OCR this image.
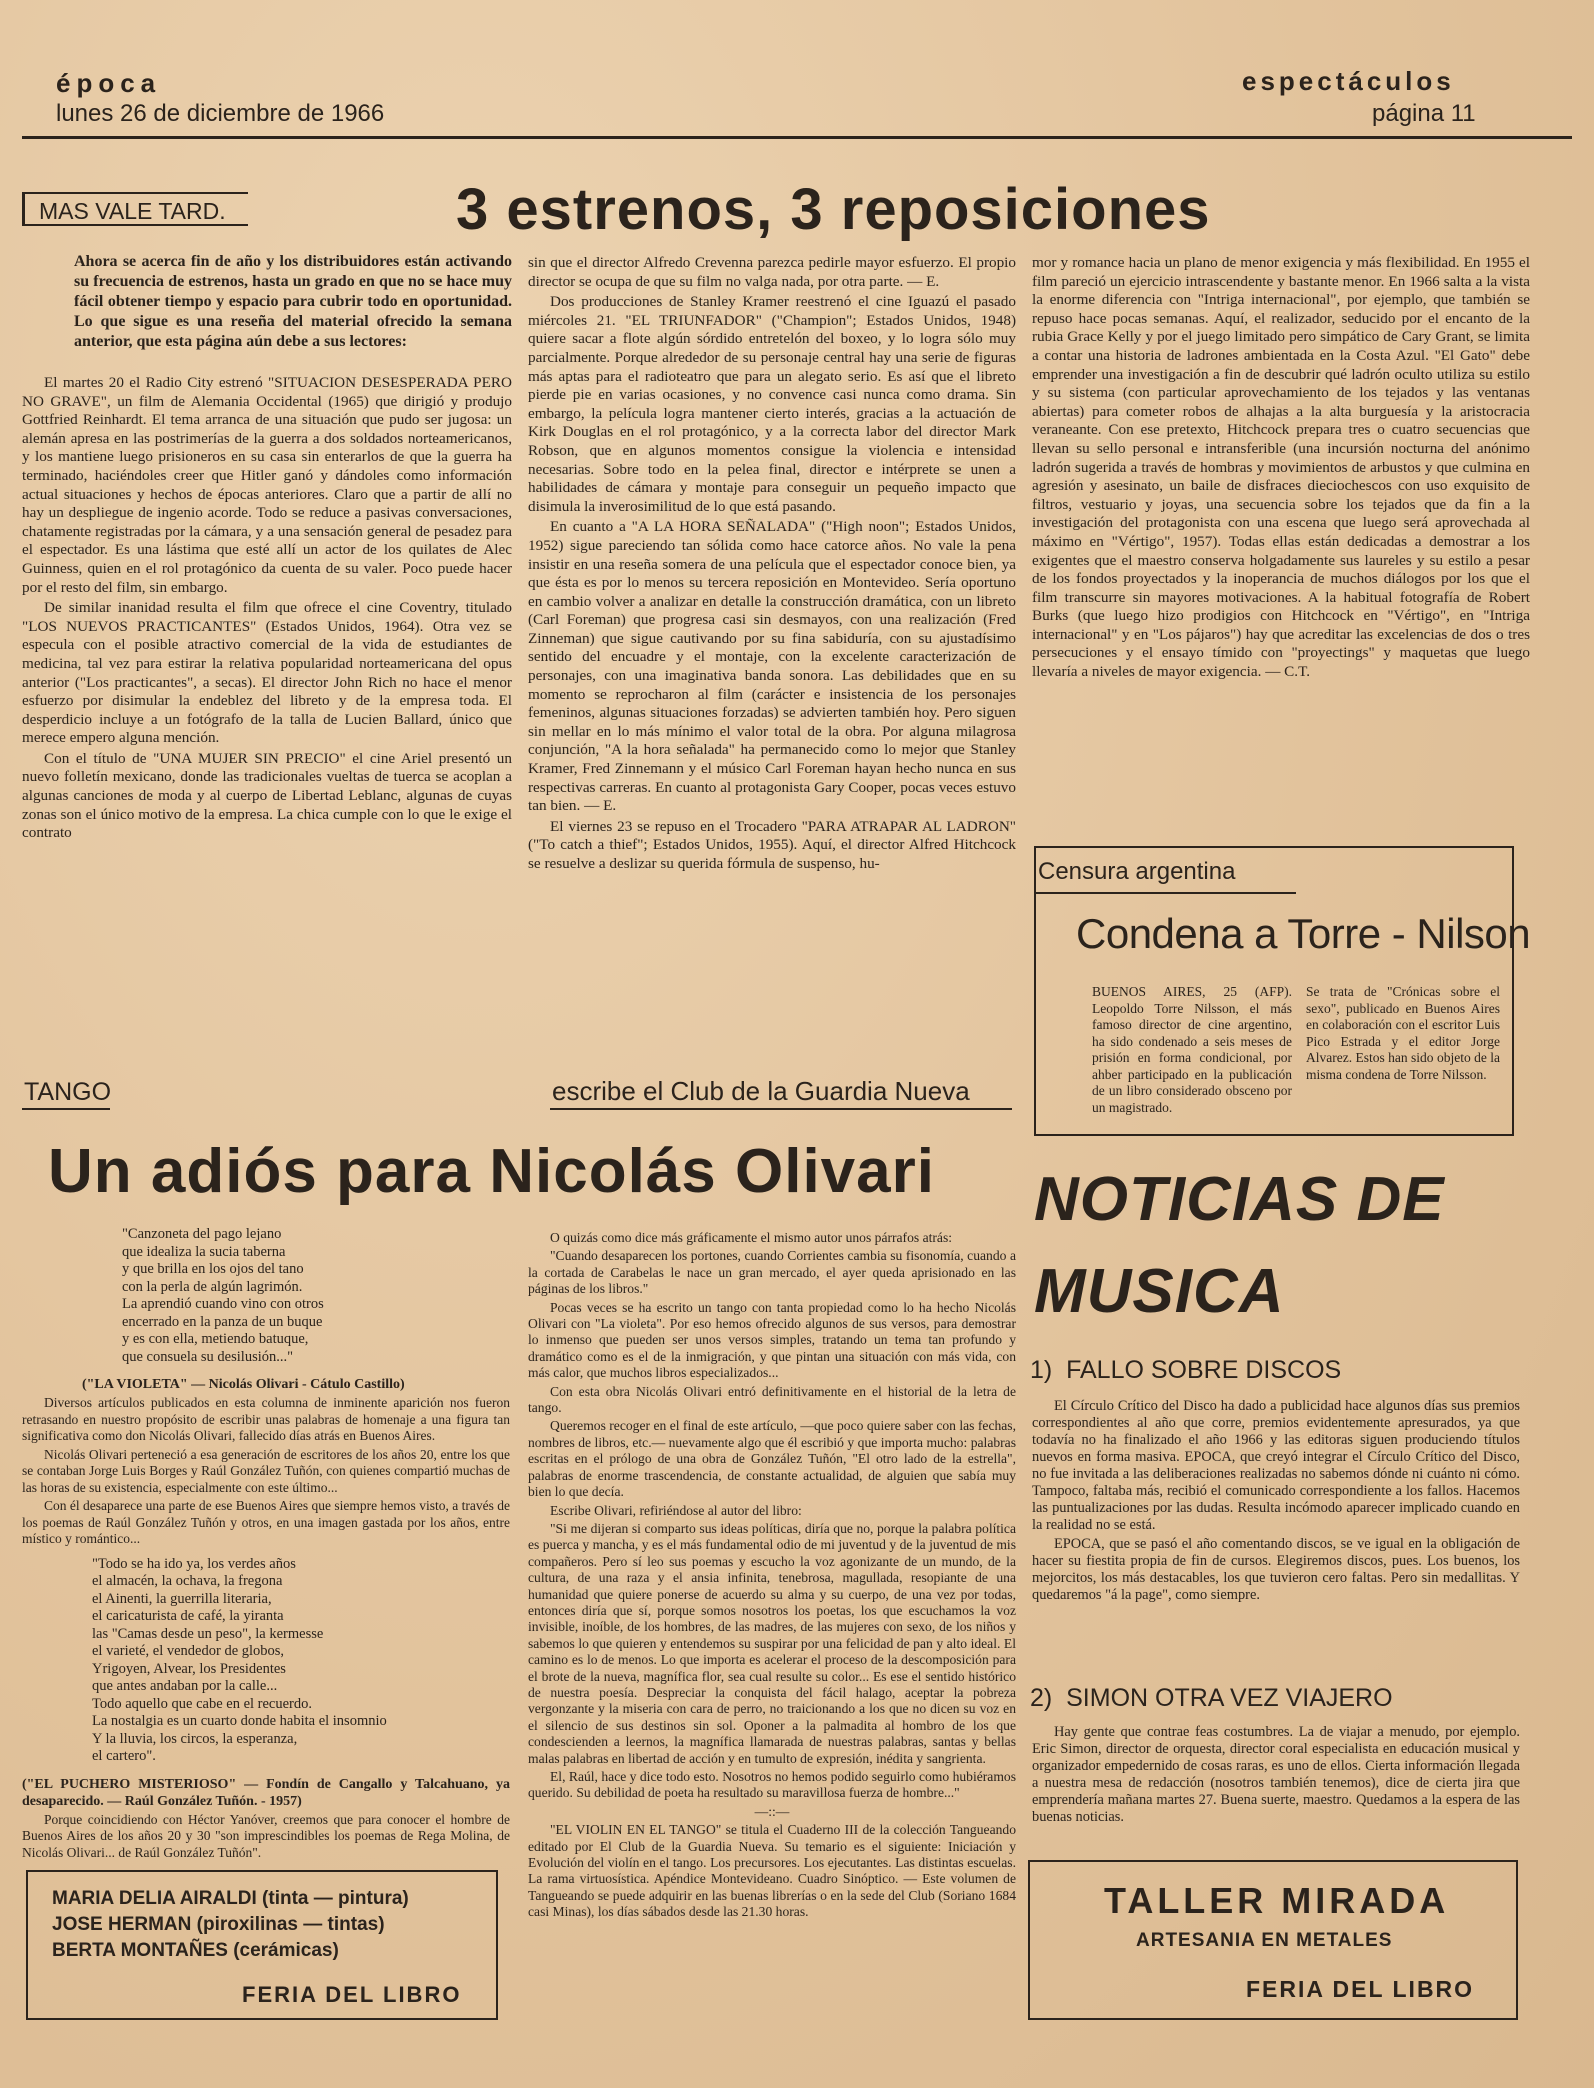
época
lunes 26 de diciembre de 1966
espectáculos
página 11
MAS VALE TARD.	3 estrenos, 3 reposiciones
Ahora se acerca fin de año y los distribuidores están activando su frecuencia de estrenos, hasta un grado en que no se hace muy fácil obtener tiempo y espacio para cubrir todo en oportunidad. Lo que sigue es una reseña del material ofrecido la semana anterior, que esta página aún debe a sus lectores:

El martes 20 el Radio City estrenó "SITUACION DESESPERADA PERO NO GRAVE", un film de Alemania Occidental (1965) que dirigió y produjo Gottfried Reinhardt. El tema arranca de una situación que pudo ser jugosa: un alemán apresa en las postrimerías de la guerra a dos soldados norteamericanos, y los mantiene luego prisioneros en su casa sin enterarlos de que la guerra ha terminado, haciéndoles creer que Hitler ganó y dándoles como información actual situaciones y hechos de épocas anteriores. Claro que a partir de allí no hay un despliegue de ingenio acorde. Todo se reduce a pasivas conversaciones, chatamente registradas por la cámara, y a una sensación general de pesadez para el espectador. Es una lástima que esté allí un actor de los quilates de Alec Guinness, quien en el rol protagónico da cuenta de su valer. Poco puede hacer por el resto del film, sin embargo.

De similar inanidad resulta el film que ofrece el cine Coventry, titulado "LOS NUEVOS PRACTICANTES" (Estados Unidos, 1964). Otra vez se especula con el posible atractivo comercial de la vida de estudiantes de medicina, tal vez para estirar la relativa popularidad norteamericana del opus anterior ("Los practicantes", a secas). El director John Rich no hace el menor esfuerzo por disimular la endeblez del libreto y de la empresa toda. El desperdicio incluye a un fotógrafo de la talla de Lucien Ballard, único que merece empero alguna mención.

Con el título de "UNA MUJER SIN PRECIO" el cine Ariel presentó un nuevo folletín mexicano, donde las tradicionales vueltas de tuerca se acoplan a algunas canciones de moda y al cuerpo de Libertad Leblanc, algunas de cuyas zonas son el único motivo de la empresa. La chica cumple con lo que le exige el contrato

sin que el director Alfredo Crevenna parezca pedirle mayor esfuerzo. El propio director se ocupa de que su film no valga nada, por otra parte. — E.

Dos producciones de Stanley Kramer reestrenó el cine Iguazú el pasado miércoles 21. "EL TRIUNFADOR" ("Champion"; Estados Unidos, 1948) quiere sacar a flote algún sórdido entretelón del boxeo, y lo logra sólo muy parcialmente. Porque alrededor de su personaje central hay una serie de figuras más aptas para el radioteatro que para un alegato serio. Es así que el libreto pierde pie en varias ocasiones, y no convence casi nunca como drama. Sin embargo, la película logra mantener cierto interés, gracias a la actuación de Kirk Douglas en el rol protagónico, y a la correcta labor del director Mark Robson, que en algunos momentos consigue la violencia e intensidad necesarias. Sobre todo en la pelea final, director e intérprete se unen a habilidades de cámara y montaje para conseguir un pequeño impacto que disimula la inverosimilitud de lo que está pasando.

En cuanto a "A LA HORA SEÑALADA" ("High noon"; Estados Unidos, 1952) sigue pareciendo tan sólida como hace catorce años. No vale la pena insistir en una reseña somera de una película que el espectador conoce bien, ya que ésta es por lo menos su tercera reposición en Montevideo. Sería oportuno en cambio volver a analizar en detalle la construcción dramática, con un libreto (Carl Foreman) que progresa casi sin desmayos, con una realización (Fred Zinneman) que sigue cautivando por su fina sabiduría, con su ajustadísimo sentido del encuadre y el montaje, con la excelente caracterización de personajes, con una imaginativa banda sonora. Las debilidades que en su momento se reprocharon al film (carácter e insistencia de los personajes femeninos, algunas situaciones forzadas) se advierten también hoy. Pero siguen sin mellar en lo más mínimo el valor total de la obra. Por alguna milagrosa conjunción, "A la hora señalada" ha permanecido como lo mejor que Stanley Kramer, Fred Zinnemann y el músico Carl Foreman hayan hecho nunca en sus respectivas carreras. En cuanto al protagonista Gary Cooper, pocas veces estuvo tan bien. — E.

El viernes 23 se repuso en el Trocadero "PARA ATRAPAR AL LADRON" ("To catch a thief"; Estados Unidos, 1955). Aquí, el director Alfred Hitchcock se resuelve a deslizar su querida fórmula de suspenso, hu-

mor y romance hacia un plano de menor exigencia y más flexibilidad. En 1955 el film pareció un ejercicio intrascendente y bastante menor. En 1966 salta a la vista la enorme diferencia con "Intriga internacional", por ejemplo, que también se repuso hace pocas semanas. Aquí, el realizador, seducido por el encanto de la rubia Grace Kelly y por el juego limitado pero simpático de Cary Grant, se limita a contar una historia de ladrones ambientada en la Costa Azul. "El Gato" debe emprender una investigación a fin de descubrir qué ladrón oculto utiliza su estilo y su sistema (con particular aprovechamiento de los tejados y las ventanas abiertas) para cometer robos de alhajas a la alta burguesía y la aristocracia veraneante. Con ese pretexto, Hitchcock prepara tres o cuatro secuencias que llevan su sello personal e intransferible (una incursión nocturna del anónimo ladrón sugerida a través de hombras y movimientos de arbustos y que culmina en agresión y asesinato, un baile de disfraces dieciochescos con uso exquisito de filtros, vestuario y joyas, una secuencia sobre los tejados que da fin a la investigación del protagonista con una escena que luego será aprovechada al máximo en "Vértigo", 1957). Todas ellas están dedicadas a demostrar a los exigentes que el maestro conserva holgadamente sus laureles y su estilo a pesar de los fondos proyectados y la inoperancia de muchos diálogos por los que el film transcurre sin mayores motivaciones. A la habitual fotografía de Robert Burks (que luego hizo prodigios con Hitchcock en "Vértigo", en "Intriga internacional" y en "Los pájaros") hay que acreditar las excelencias de dos o tres persecuciones y el ensayo tímido con "proyectings" y maquetas que luego llevaría a niveles de mayor exigencia. — C.T.

Censura argentina
Condena a Torre - Nilson
BUENOS AIRES, 25 (AFP). Leopoldo Torre Nilsson, el más famoso director de cine argentino, ha sido condenado a seis meses de prisión en forma condicional, por ahber participado en la publicación de un libro considerado obsceno por un magistrado.
Se trata de "Crónicas sobre el sexo", publicado en Buenos Aires en colaboración con el escritor Luis Pico Estrada y el editor Jorge Alvarez. Estos han sido objeto de la misma condena de Torre Nilsson.
TANGO	escribe el Club de la Guardia Nueva
Un adiós para Nicolás Olivari
"Canzoneta del pago lejano
que idealiza la sucia taberna
y que brilla en los ojos del tano
con la perla de algún lagrimón.
La aprendió cuando vino con otros
encerrado en la panza de un buque
y es con ella, metiendo batuque,
que consuela su desilusión..."

("LA VIOLETA" — Nicolás Olivari - Cátulo Castillo)

Diversos artículos publicados en esta columna de inminente aparición nos fueron retrasando en nuestro propósito de escribir unas palabras de homenaje a una figura tan significativa como don Nicolás Olivari, fallecido días atrás en Buenos Aires.

Nicolás Olivari perteneció a esa generación de escritores de los años 20, entre los que se contaban Jorge Luis Borges y Raúl González Tuñón, con quienes compartió muchas de las horas de su existencia, especialmente con este último...

Con él desaparece una parte de ese Buenos Aires que siempre hemos visto, a través de los poemas de Raúl González Tuñón y otros, en una imagen gastada por los años, entre místico y romántico...

"Todo se ha ido ya, los verdes años
el almacén, la ochava, la fregona
el Ainenti, la guerrilla literaria,
el caricaturista de café, la yiranta
las "Camas desde un peso", la kermesse
el varieté, el vendedor de globos,
Yrigoyen, Alvear, los Presidentes
que antes andaban por la calle...
Todo aquello que cabe en el recuerdo.
La nostalgia es un cuarto donde habita el insomnio
Y la lluvia, los circos, la esperanza,
el cartero".

("EL PUCHERO MISTERIOSO" — Fondín de Cangallo y Talcahuano, ya desaparecido. — Raúl González Tuñón. - 1957)

Porque coincidiendo con Héctor Yanóver, creemos que para conocer el hombre de Buenos Aires de los años 20 y 30 "son imprescindibles los poemas de Rega Molina, de Nicolás Olivari... de Raúl González Tuñón".

O quizás como dice más gráficamente el mismo autor unos párrafos atrás:

"Cuando desaparecen los portones, cuando Corrientes cambia su fisonomía, cuando a la cortada de Carabelas le nace un gran mercado, el ayer queda aprisionado en las páginas de los libros."

Pocas veces se ha escrito un tango con tanta propiedad como lo ha hecho Nicolás Olivari con "La violeta". Por eso hemos ofrecido algunos de sus versos, para demostrar lo inmenso que pueden ser unos versos simples, tratando un tema tan profundo y dramático como es el de la inmigración, y que pintan una situación con más vida, con más calor, que muchos libros especializados...

Con esta obra Nicolás Olivari entró definitivamente en el historial de la letra de tango.

Queremos recoger en el final de este artículo, —que poco quiere saber con las fechas, nombres de libros, etc.— nuevamente algo que él escribió y que importa mucho: palabras escritas en el prólogo de una obra de González Tuñón, "El otro lado de la estrella", palabras de enorme trascendencia, de constante actualidad, de alguien que sabía muy bien lo que decía.

Escribe Olivari, refiriéndose al autor del libro:

"Si me dijeran si comparto sus ideas políticas, diría que no, porque la palabra política es puerca y mancha, y es el más fundamental odio de mi juventud y de la juventud de mis compañeros. Pero sí leo sus poemas y escucho la voz agonizante de un mundo, de la cultura, de una raza y el ansia infinita, tenebrosa, magullada, resopiante de una humanidad que quiere ponerse de acuerdo su alma y su cuerpo, de una vez por todas, entonces diría que sí, porque somos nosotros los poetas, los que escuchamos la voz invisible, inoíble, de los hombres, de las madres, de las mujeres con sexo, de los niños y sabemos lo que quieren y entendemos su suspirar por una felicidad de pan y alto ideal. El camino es lo de menos. Lo que importa es acelerar el proceso de la descomposición para el brote de la nueva, magnífica flor, sea cual resulte su color... Es ese el sentido histórico de nuestra poesía. Despreciar la conquista del fácil halago, aceptar la pobreza vergonzante y la miseria con cara de perro, no traicionando a los que no dicen su voz en el silencio de sus destinos sin sol. Oponer a la palmadita al hombro de los que condescienden a leernos, la magnífica llamarada de nuestras palabras, santas y bellas malas palabras en libertad de acción y en tumulto de expresión, inédita y sangrienta.

El, Raúl, hace y dice todo esto. Nosotros no hemos podido seguirlo como hubiéramos querido. Su debilidad de poeta ha resultado su maravillosa fuerza de hombre..."

—::—

"EL VIOLIN EN EL TANGO" se titula el Cuaderno III de la colección Tangueando editado por El Club de la Guardia Nueva. Su temario es el siguiente: Iniciación y Evolución del violín en el tango. Los precursores. Los ejecutantes. Las distintas escuelas. La rama virtuosística. Apéndice Montevideano. Cuadro Sinóptico. — Este volumen de Tangueando se puede adquirir en las buenas librerías o en la sede del Club (Soriano 1684 casi Minas), los días sábados desde las 21.30 horas.

MARIA DELIA AIRALDI (tinta — pintura)
JOSE HERMAN (piroxilinas — tintas)
BERTA MONTAÑES (cerámicas)
FERIA DEL LIBRO
NOTICIAS DE
MUSICA
1)  FALLO SOBRE DISCOS

El Círculo Crítico del Disco ha dado a publicidad hace algunos días sus premios correspondientes al año que corre, premios evidentemente apresurados, ya que todavía no ha finalizado el año 1966 y las editoras siguen produciendo títulos nuevos en forma masiva. EPOCA, que creyó integrar el Círculo Crítico del Disco, no fue invitada a las deliberaciones realizadas no sabemos dónde ni cuánto ni cómo. Tampoco, faltaba más, recibió el comunicado correspondiente a los fallos. Hacemos las puntualizaciones por las dudas. Resulta incómodo aparecer implicado cuando en la realidad no se está.

EPOCA, que se pasó el año comentando discos, se ve igual en la obligación de hacer su fiestita propia de fin de cursos. Elegiremos discos, pues. Los buenos, los mejorcitos, los más destacables, los que tuvieron cero faltas. Pero sin medallitas. Y quedaremos "á la page", como siempre.

2)  SIMON OTRA VEZ VIAJERO

Hay gente que contrae feas costumbres. La de viajar a menudo, por ejemplo. Eric Simon, director de orquesta, director coral especialista en educación musical y organizador empedernido de cosas raras, es uno de ellos. Cierta información llegada a nuestra mesa de redacción (nosotros también tenemos), dice de cierta jira que emprendería mañana martes 27. Buena suerte, maestro. Quedamos a la espera de las buenas noticias.

TALLER MIRADA
ARTESANIA EN METALES
FERIA DEL LIBRO
